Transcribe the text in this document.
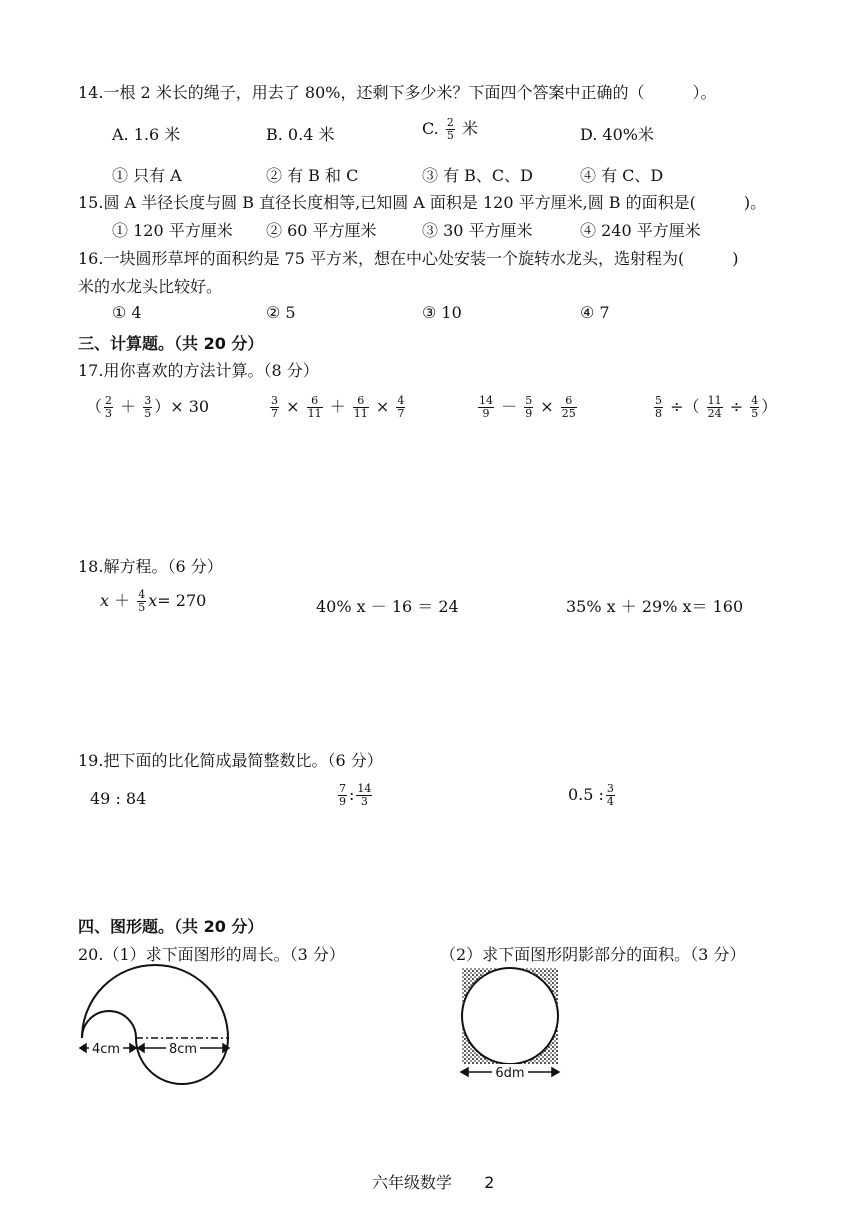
14.一根 2 米长的绳子，用去了 80%，还剩下多少米？下面四个答案中正确的（　　　）。
A. 1.6 米	B. 0.4 米	C. $\frac{2}{5}$ 米	D. 40%米
① 只有 A	② 有 B 和 C	③ 有 B、C、D	④ 有 C、D
15.圆 A 半径长度与圆 B 直径长度相等,已知圆 A 面积是 120 平方厘米,圆 B 的面积是(　　　)。
① 120 平方厘米 ② 60 平方厘米	③ 30 平方厘米	④ 240 平方厘米
16.一块圆形草坪的面积约是 75 平方米，想在中心处安装一个旋转水龙头，选射程为(　　　)
米的水龙头比较好。
① 4	② 5	③ 10	④ 7
三、计算题。（共 20 分）
17.用你喜欢的方法计算。（8 分）
（ $\frac{2}{3} + \frac{3}{5}$ ）× 30	$\frac{3}{7} \times \frac{6}{11} + \frac{6}{11} \times \frac{4}{7}$	$\frac{14}{9} - \frac{5}{9} \times \frac{6}{25}$	$\frac{5}{8}$ ÷（ $\frac{11}{24} \div \frac{4}{5}$ ）
18.解方程。（6 分）
$x + \frac{4}{5} x= 270$	40% x － 16 ＝ 24	35% x ＋ 29% x＝ 160
19.把下面的比化简成最简整数比。（6 分）
49 : 84	$\frac{7}{9}$ : $\frac{14}{3}$	0.5 : $\frac{3}{4}$
四、图形题。（共 20 分）
20.（1）求下面图形的周长。（3 分）	（2）求下面图形阴影部分的面积。（3 分）
4cm	8cm
6dm
六年级数学 2
